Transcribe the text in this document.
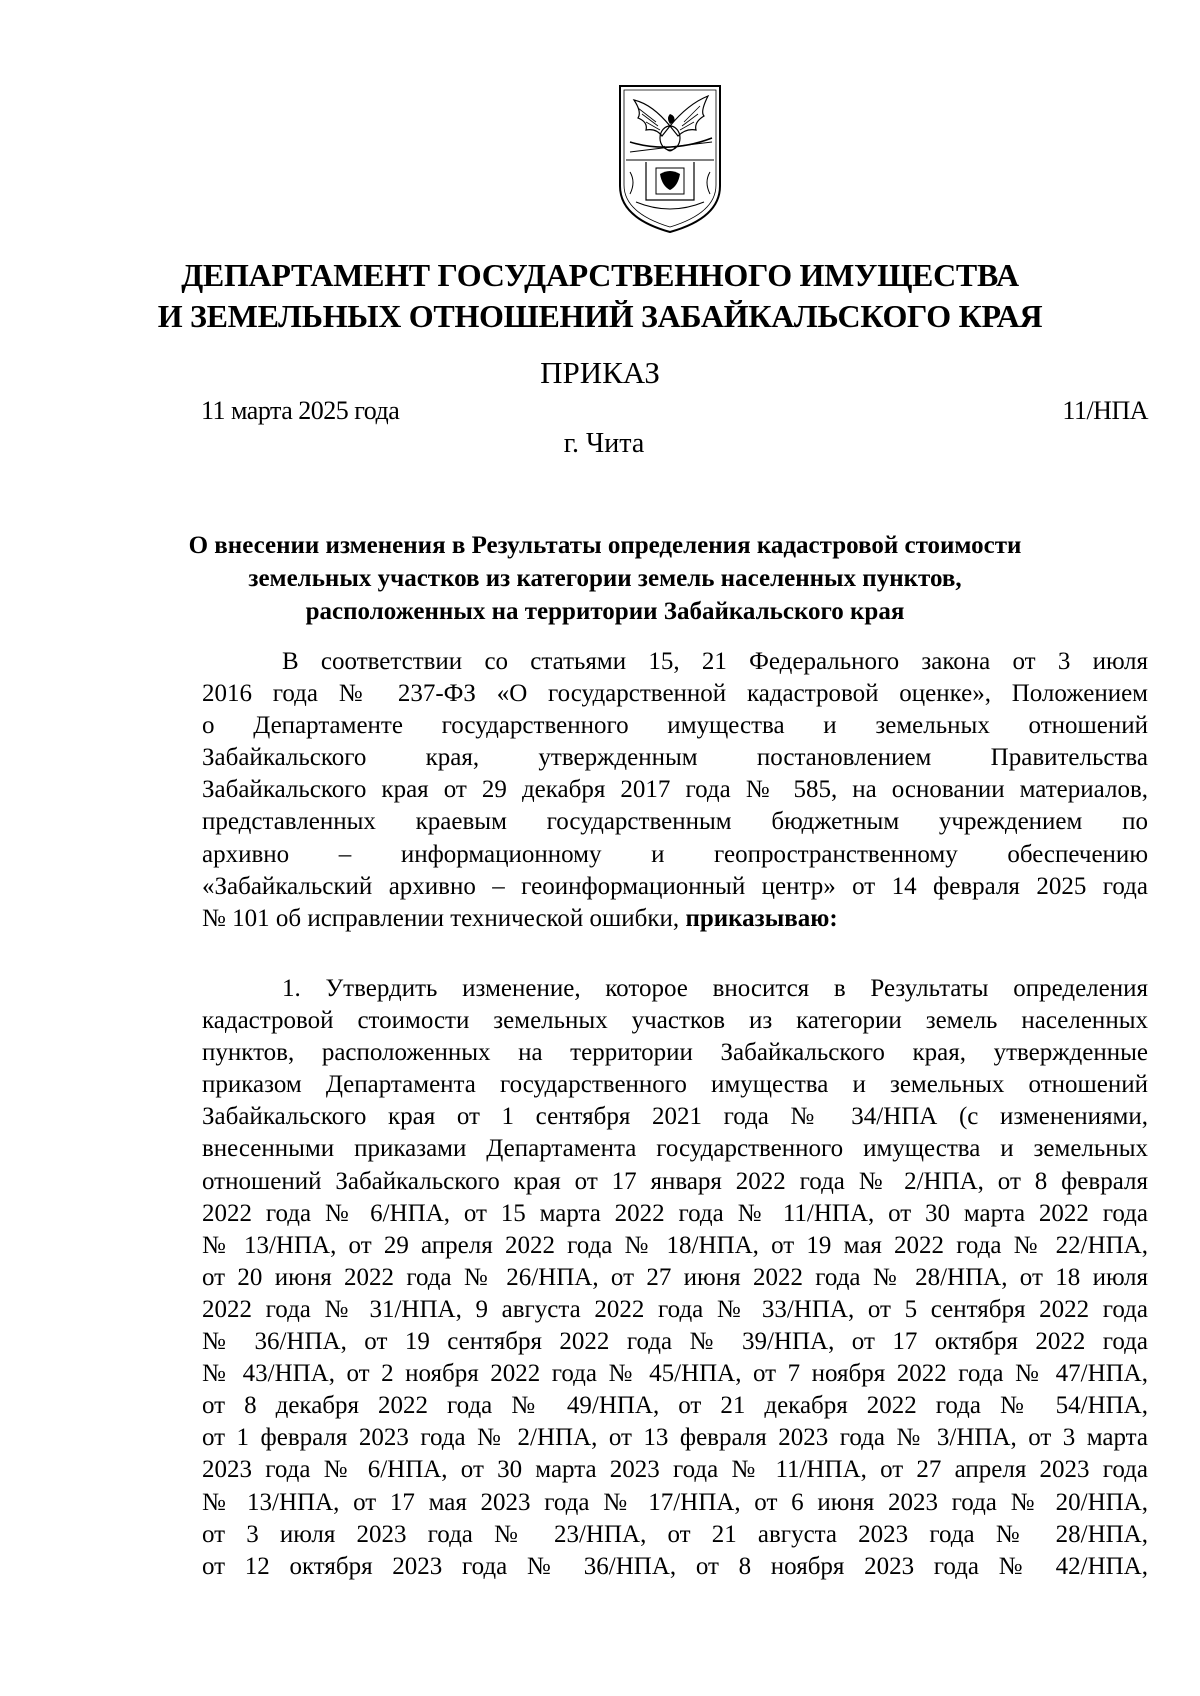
ДЕПАРТАМЕНТ ГОСУДАРСТВЕННОГО ИМУЩЕСТВА
И ЗЕМЕЛЬНЫХ ОТНОШЕНИЙ ЗАБАЙКАЛЬСКОГО КРАЯ
ПРИКАЗ
11 марта 2025 года	11/НПА
г. Чита
О внесении изменения в Результаты определения кадастровой стоимости
земельных участков из категории земель населенных пунктов,
расположенных на территории Забайкальского края
В соответствии со статьями 15, 21 Федерального закона от 3 июля
2016 года № 237-ФЗ «О государственной кадастровой оценке», Положением
о Департаменте государственного имущества и земельных отношений
Забайкальского края, утвержденным постановлением Правительства
Забайкальского края от 29 декабря 2017 года № 585, на основании материалов,
представленных краевым государственным бюджетным учреждением по
архивно – информационному и геопространственному обеспечению
«Забайкальский архивно – геоинформационный центр» от 14 февраля 2025 года
№ 101 об исправлении технической ошибки, приказываю:
1. Утвердить изменение, которое вносится в Результаты определения
кадастровой стоимости земельных участков из категории земель населенных
пунктов, расположенных на территории Забайкальского края, утвержденные
приказом Департамента государственного имущества и земельных отношений
Забайкальского края от 1 сентября 2021 года № 34/НПА (с изменениями,
внесенными приказами Департамента государственного имущества и земельных
отношений Забайкальского края от 17 января 2022 года № 2/НПА, от 8 февраля
2022 года № 6/НПА, от 15 марта 2022 года № 11/НПА, от 30 марта 2022 года
№ 13/НПА, от 29 апреля 2022 года № 18/НПА, от 19 мая 2022 года № 22/НПА,
от 20 июня 2022 года № 26/НПА, от 27 июня 2022 года № 28/НПА, от 18 июля
2022 года № 31/НПА, 9 августа 2022 года № 33/НПА, от 5 сентября 2022 года
№ 36/НПА, от 19 сентября 2022 года № 39/НПА, от 17 октября 2022 года
№ 43/НПА, от 2 ноября 2022 года № 45/НПА, от 7 ноября 2022 года № 47/НПА,
от 8 декабря 2022 года № 49/НПА, от 21 декабря 2022 года № 54/НПА,
от 1 февраля 2023 года № 2/НПА, от 13 февраля 2023 года № 3/НПА, от 3 марта
2023 года № 6/НПА, от 30 марта 2023 года № 11/НПА, от 27 апреля 2023 года
№ 13/НПА, от 17 мая 2023 года № 17/НПА, от 6 июня 2023 года № 20/НПА,
от 3 июля 2023 года № 23/НПА, от 21 августа 2023 года № 28/НПА,
от 12 октября 2023 года № 36/НПА, от 8 ноября 2023 года № 42/НПА,
